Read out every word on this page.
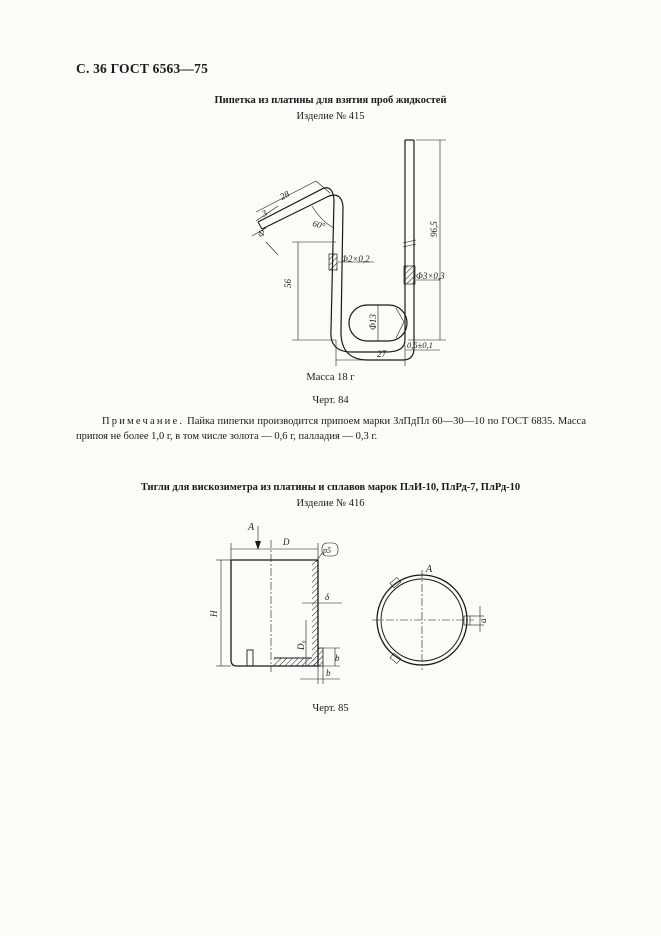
С. 36 ГОСТ 6563—75
Пипетка из платины для взятия проб жидкостей
Изделие № 415
28
3
Ф
60°
56
Φ2×0,2
96,5
Φ3×0,3
Φ13
27
0,5±0,1
Масса 18 г
Черт. 84
Примечание. Пайка пипетки производится припоем марки ЗлПдПл 60—30—10 по ГОСТ 6835. Масса припоя не более 1,0 г, в том числе золота — 0,6 г, палладия — 0,3 г.
Тигли для вискозиметра из платины и сплавов марок ПлИ-10, ПлРд-7, ПлРд-10
Изделие № 416
А
D
H
р5
δ
D₀
b
b
А
а
Черт. 85
